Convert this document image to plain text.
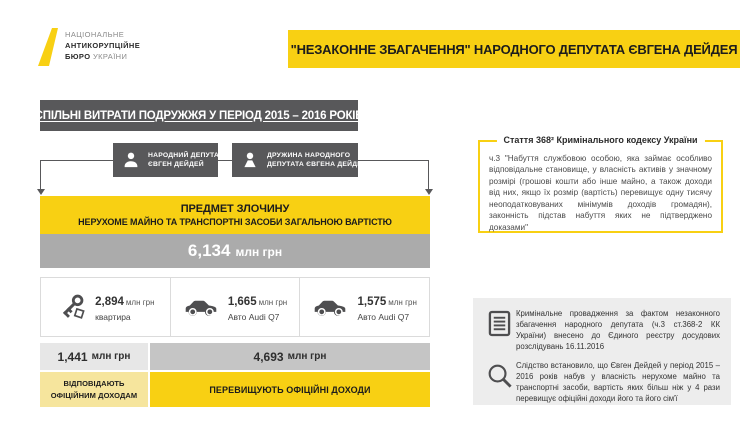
НАЦІОНАЛЬНЕ
АНТИКОРУПЦІЙНЕ
БЮРО УКРАЇНИ	"НЕЗАКОННЕ ЗБАГАЧЕННЯ" НАРОДНОГО ДЕПУТАТА ЄВГЕНА ДЕЙДЕЯ
СПІЛЬНІ ВИТРАТИ ПОДРУЖЖЯ У ПЕРІОД 2015 – 2016 РОКІВ
НАРОДНИЙ ДЕПУТАТ
ЄВГЕН ДЕЙДЕЙ
ДРУЖИНА НАРОДНОГО
ДЕПУТАТА ЄВГЕНА ДЕЙДЕЯ
ПРЕДМЕТ ЗЛОЧИНУ
НЕРУХОМЕ МАЙНО ТА ТРАНСПОРТНІ ЗАСОБИ ЗАГАЛЬНОЮ ВАРТІСТЮ
6,134 млн грн
2,894 млн грн
квартира
1,665 млн грн
Авто Audi Q7
1,575 млн грн
Авто Audi Q7
1,441 млн грн	4,693 млн грн
ВІДПОВІДАЮТЬ
ОФІЦІЙНИМ ДОХОДАМ
ПЕРЕВИЩУЮТЬ ОФІЦІЙНІ ДОХОДИ
Стаття 368² Кримінального кодексу України
ч.3 "Набуття службовою особою, яка займає особливо відповідальне становище, у власність активів у значному розмірі (грошові кошти або інше майно, а також доходи від них, якщо їх розмір (вартість) перевищує одну тисячу неоподатковуваних мінімумів доходів громадян), законність підстав набуття яких не підтверджено доказами"
Кримінальне провадження за фактом незаконного збагачення народного депутата (ч.3 ст.368-2 КК України) внесено до Єдиного реєстру досудових розслідувань 16.11.2016
Слідство встановило, що Євген Дейдей у період 2015 – 2016 років набув у власність нерухоме майно та транспортні засоби, вартість яких більш ніж у 4 рази перевищує офіційні доходи його та його сім'ї
